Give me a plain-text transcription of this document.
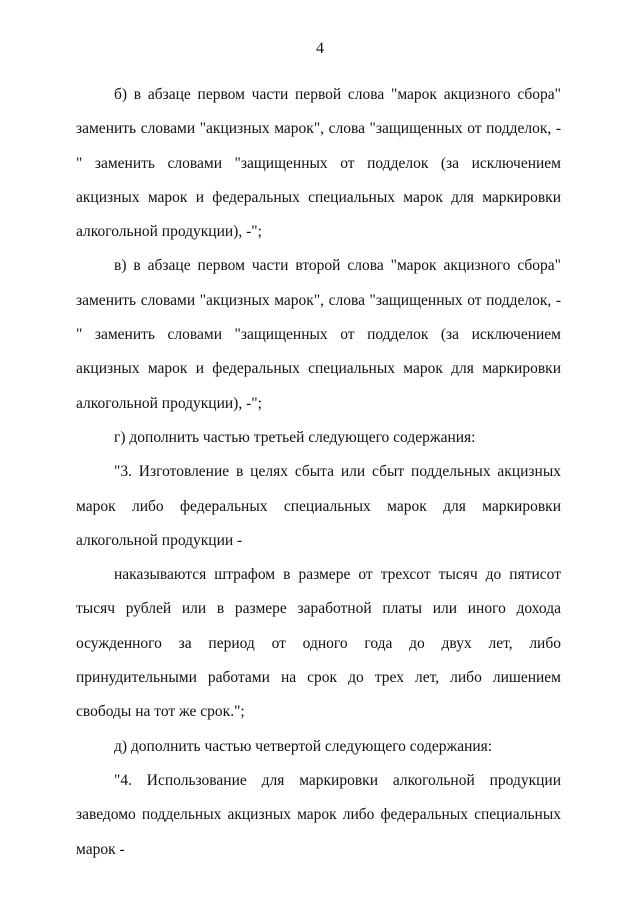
4

б) в абзаце первом части первой слова "марок акцизного сбора" заменить словами "акцизных марок", слова "защищенных от подделок, -" заменить словами "защищенных от подделок (за исключением акцизных марок и федеральных специальных марок для маркировки алкогольной продукции), -";

в) в абзаце первом части второй слова "марок акцизного сбора" заменить словами "акцизных марок", слова "защищенных от подделок, -" заменить словами "защищенных от подделок (за исключением акцизных марок и федеральных специальных марок для маркировки алкогольной продукции), -";

г) дополнить частью третьей следующего содержания:

"3. Изготовление в целях сбыта или сбыт поддельных акцизных марок либо федеральных специальных марок для маркировки алкогольной продукции -

наказываются штрафом в размере от трехсот тысяч до пятисот тысяч рублей или в размере заработной платы или иного дохода осужденного за период от одного года до двух лет, либо принудительными работами на срок до трех лет, либо лишением свободы на тот же срок.";

д) дополнить частью четвертой следующего содержания:

"4. Использование для маркировки алкогольной продукции заведомо поддельных акцизных марок либо федеральных специальных марок -
